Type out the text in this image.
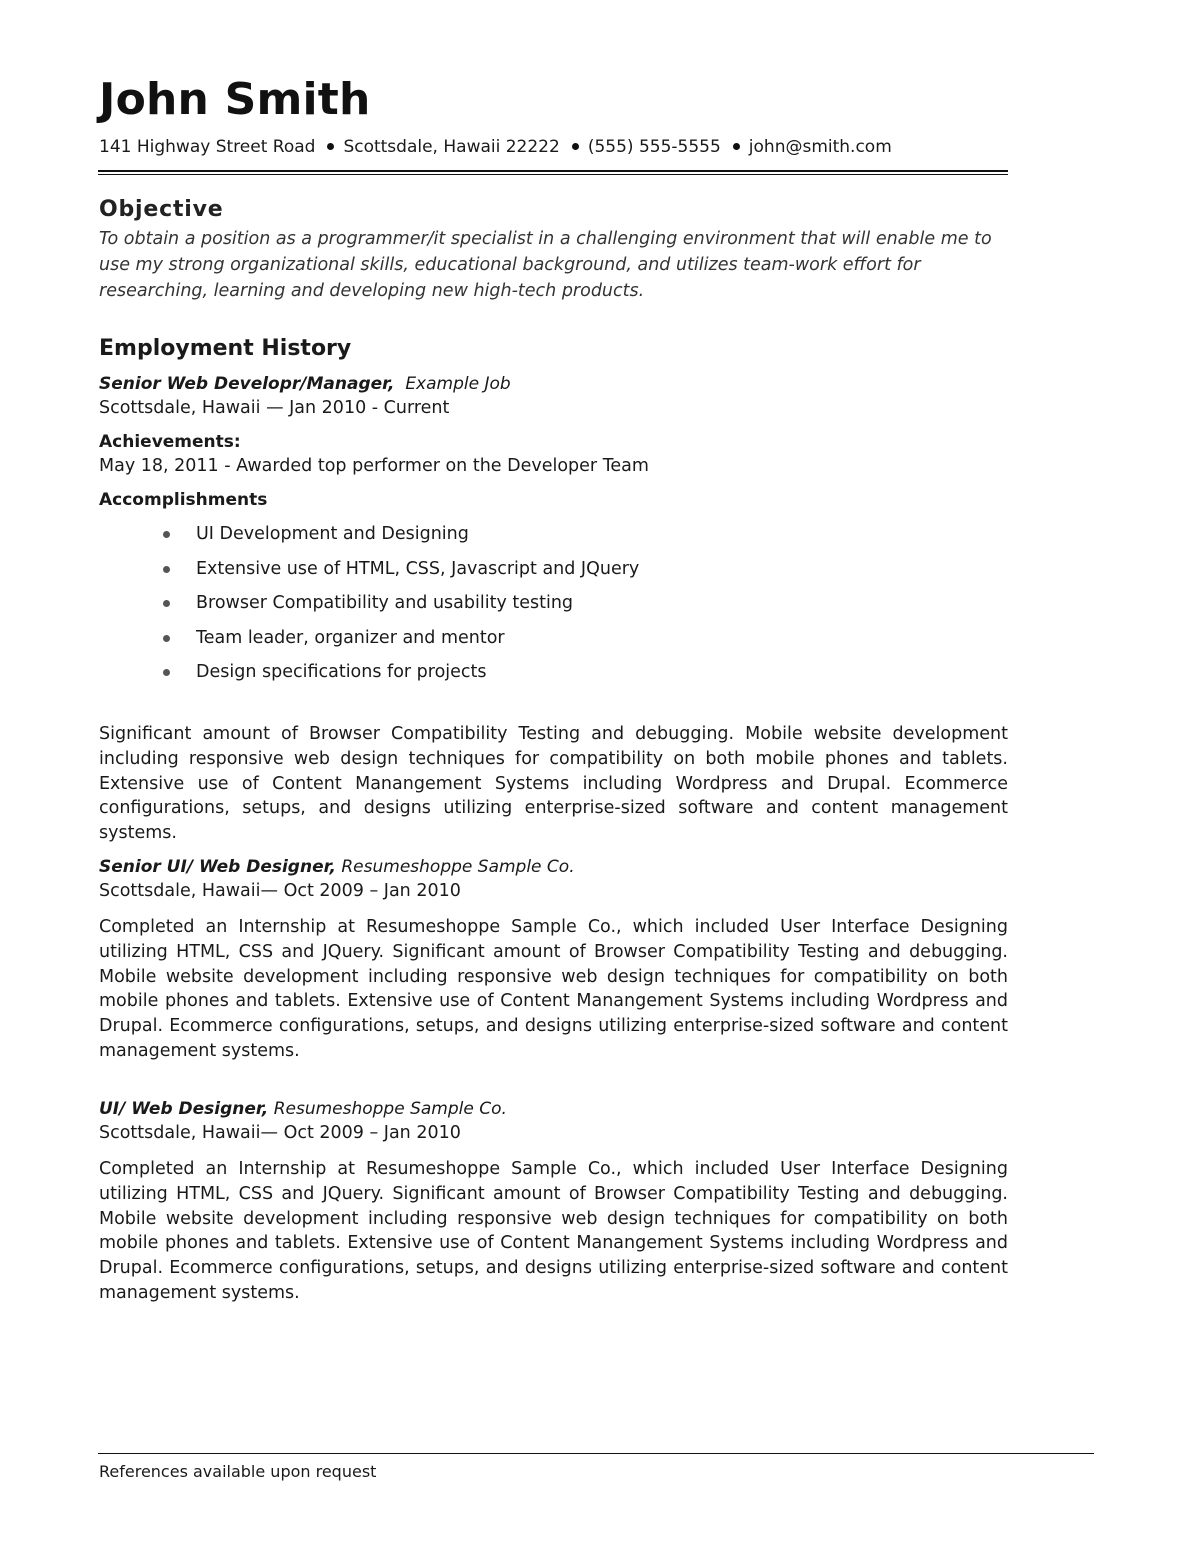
John Smith
141 Highway Street Road Scottsdale, Hawaii 22222 (555) 555-5555 john@smith.com
Objective

To obtain a position as a programmer/it specialist in a challenging environment that will enable me to use my strong organizational skills, educational background, and utilizes team-work effort for researching, learning and developing new high-tech products.

Employment History

Senior Web Developr/Manager, Example Job

Scottsdale, Hawaii — Jan 2010 - Current

Achievements:

May 18, 2011 - Awarded top performer on the Developer Team

Accomplishments

UI Development and Designing
Extensive use of HTML, CSS, Javascript and JQuery
Browser Compatibility and usability testing
Team leader, organizer and mentor
Design specifications for projects

Significant amount of Browser Compatibility Testing and debugging. Mobile website development including responsive web design techniques for compatibility on both mobile phones and tablets. Extensive use of Content Manangement Systems including Wordpress and Drupal. Ecommerce configurations, setups, and designs utilizing enterprise-sized software and content management systems.

Senior UI/ Web Designer, Resumeshoppe Sample Co.

Scottsdale, Hawaii— Oct 2009 – Jan 2010

Completed an Internship at Resumeshoppe Sample Co., which included User Interface Designing utilizing HTML, CSS and JQuery. Significant amount of Browser Compatibility Testing and debugging. Mobile website development including responsive web design techniques for compatibility on both mobile phones and tablets. Extensive use of Content Manangement Systems including Wordpress and Drupal. Ecommerce configurations, setups, and designs utilizing enterprise-sized software and content management systems.

UI/ Web Designer, Resumeshoppe Sample Co.

Scottsdale, Hawaii— Oct 2009 – Jan 2010

Completed an Internship at Resumeshoppe Sample Co., which included User Interface Designing utilizing HTML, CSS and JQuery. Significant amount of Browser Compatibility Testing and debugging. Mobile website development including responsive web design techniques for compatibility on both mobile phones and tablets. Extensive use of Content Manangement Systems including Wordpress and Drupal. Ecommerce configurations, setups, and designs utilizing enterprise-sized software and content management systems.

References available upon request
